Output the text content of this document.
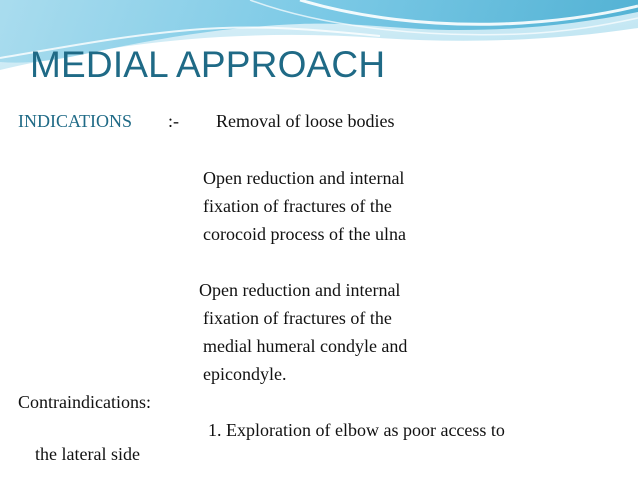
MEDIAL APPROACH

INDICATIONS :- Removal of loose bodies

Open reduction and internal

fixation of fractures of the

corocoid process of the ulna

Open reduction and internal

fixation of fractures of the

medial humeral condyle and

epicondyle.

Contraindications:

1. Exploration of elbow as poor access to

the lateral side
